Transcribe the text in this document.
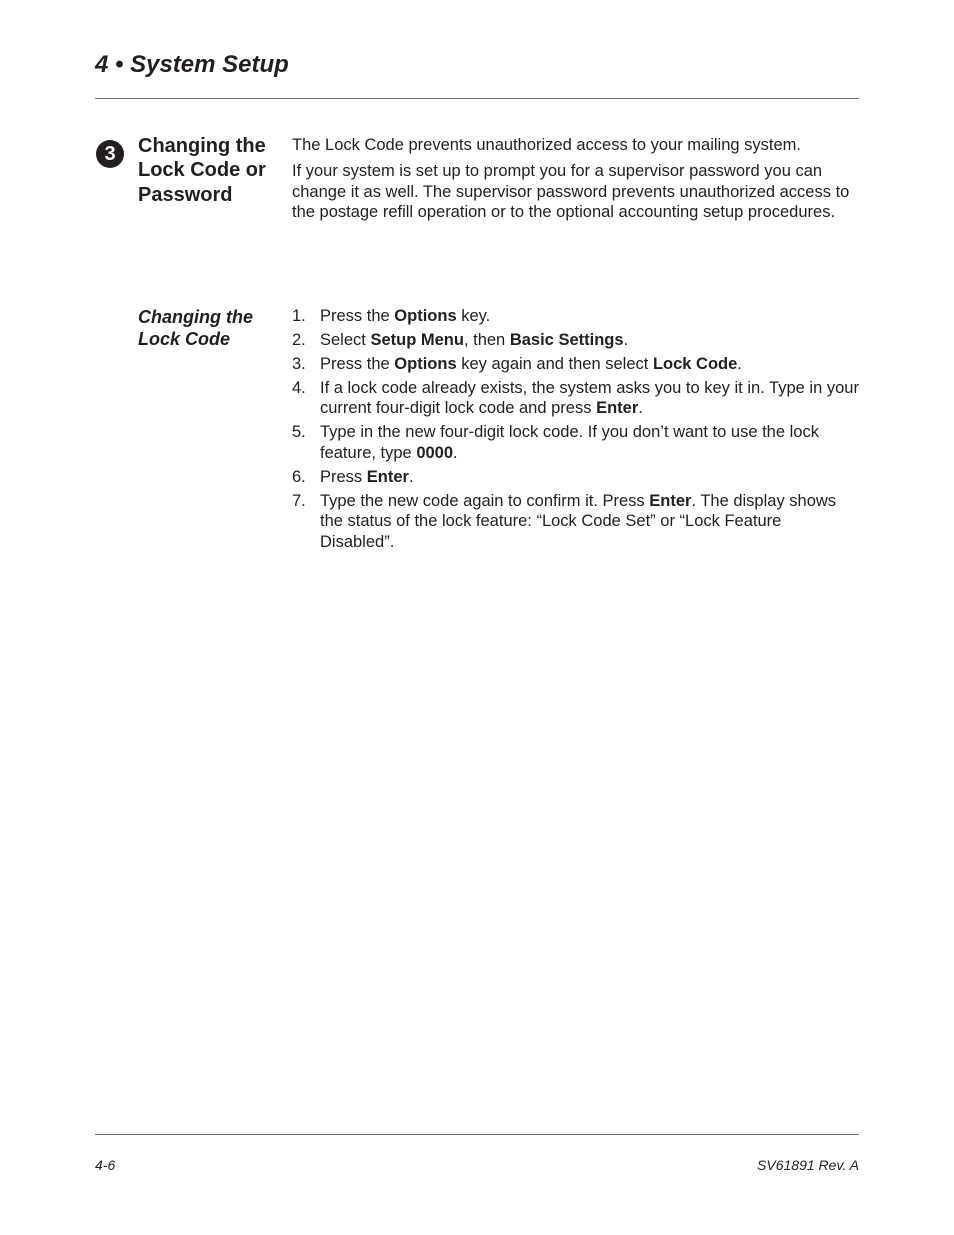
4 • System Setup
3	Changing the Lock Code or Password

The Lock Code prevents unauthorized access to your mailing system.

If your system is set up to prompt you for a supervisor password you can change it as well. The supervisor password prevents unauthorized access to the postage refill operation or to the optional accounting setup procedures.

Changing the Lock Code
1. Press the Options key.
2. Select Setup Menu, then Basic Settings.
3. Press the Options key again and then select Lock Code.
4. If a lock code already exists, the system asks you to key it in. Type in your current four-digit lock code and press Enter.
5. Type in the new four-digit lock code. If you don’t want to use the lock feature, type 0000.
6. Press Enter.
7. Type the new code again to confirm it. Press Enter. The display shows the status of the lock feature: “Lock Code Set” or “Lock Feature Disabled”.
4-6	SV61891 Rev. A
